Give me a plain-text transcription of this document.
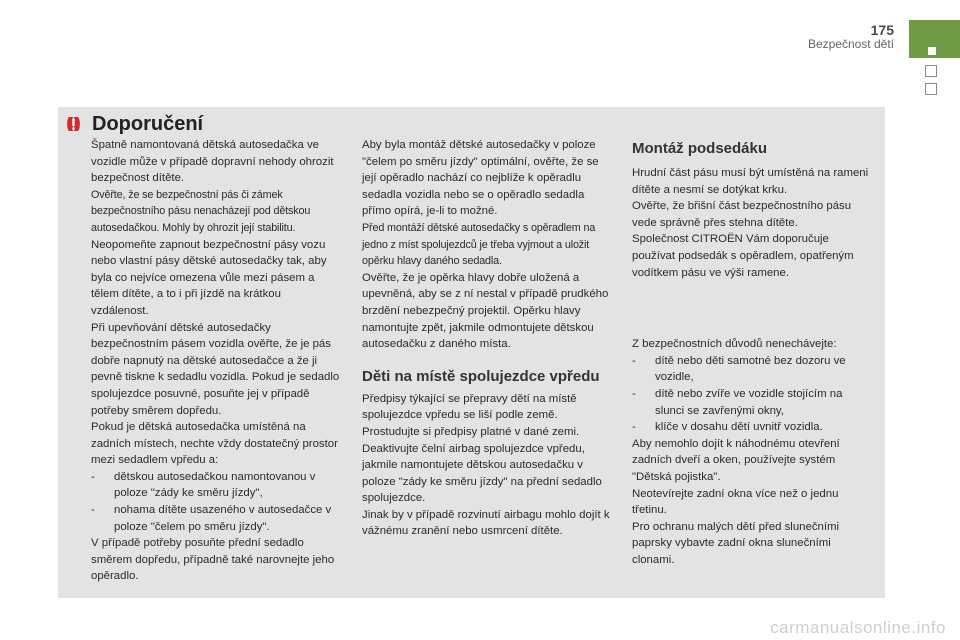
175
Bezpečnost dětí
Doporučení

Špatně namontovaná dětská autosedačka ve vozidle může v případě dopravní nehody ohrozit bezpečnost dítěte.

Ověřte, že se bezpečnostní pás či zámek bezpečnostního pásu nenacházejí pod dětskou autosedačkou. Mohly by ohrozit její stabilitu.

Neopomeňte zapnout bezpečnostní pásy vozu nebo vlastní pásy dětské autosedačky tak, aby byla co nejvíce omezena vůle mezi pásem a tělem dítěte, a to i při jízdě na krátkou vzdálenost.

Při upevňování dětské autosedačky bezpečnostním pásem vozidla ověřte, že je pás dobře napnutý na dětské autosedačce a že ji pevně tiskne k sedadlu vozidla. Pokud je sedadlo spolujezdce posuvné, posuňte jej v případě potřeby směrem dopředu.

Pokud je dětská autosedačka umístěná na zadních místech, nechte vždy dostatečný prostor mezi sedadlem vpředu a:

-	dětskou autosedačkou namontovanou v poloze "zády ke směru jízdy",
-	nohama dítěte usazeného v autosedačce v poloze "čelem po směru jízdy".

V případě potřeby posuňte přední sedadlo směrem dopředu, případně také narovnejte jeho opěradlo.

Aby byla montáž dětské autosedačky v poloze "čelem po směru jízdy" optimální, ověřte, že se její opěradlo nachází co nejblíže k opěradlu sedadla vozidla nebo se o opěradlo sedadla přímo opírá, je-li to možné.

Před montáží dětské autosedačky s opěradlem na jedno z míst spolujezdců je třeba vyjmout a uložit opěrku hlavy daného sedadla.

Ověřte, že je opěrka hlavy dobře uložená a upevněná, aby se z ní nestal v případě prudkého brzdění nebezpečný projektil. Opěrku hlavy namontujte zpět, jakmile odmontujete dětskou autosedačku z daného místa.

Děti na místě spolujezdce vpředu

Předpisy týkající se přepravy dětí na místě spolujezdce vpředu se liší podle země. Prostudujte si předpisy platné v dané zemi.

Deaktivujte čelní airbag spolujezdce vpředu, jakmile namontujete dětskou autosedačku v poloze "zády ke směru jízdy" na přední sedadlo spolujezdce.

Jinak by v případě rozvinutí airbagu mohlo dojít k vážnému zranění nebo usmrcení dítěte.

Montáž podsedáku

Hrudní část pásu musí být umístěná na rameni dítěte a nesmí se dotýkat krku.

Ověřte, že břišní část bezpečnostního pásu vede správně přes stehna dítěte.

Společnost CITROËN Vám doporučuje používat podsedák s opěradlem, opatřeným vodítkem pásu ve výši ramene.

Z bezpečnostních důvodů nenechávejte:

-	dítě nebo děti samotné bez dozoru ve vozidle,
-	dítě nebo zvíře ve vozidle stojícím na slunci se zavřenými okny,
-	klíče v dosahu dětí uvnitř vozidla.

Aby nemohlo dojít k náhodnému otevření zadních dveří a oken, používejte systém "Dětská pojistka".

Neotevírejte zadní okna více než o jednu třetinu.

Pro ochranu malých dětí před slunečními paprsky vybavte zadní okna slunečními clonami.

carmanualsonline.info
